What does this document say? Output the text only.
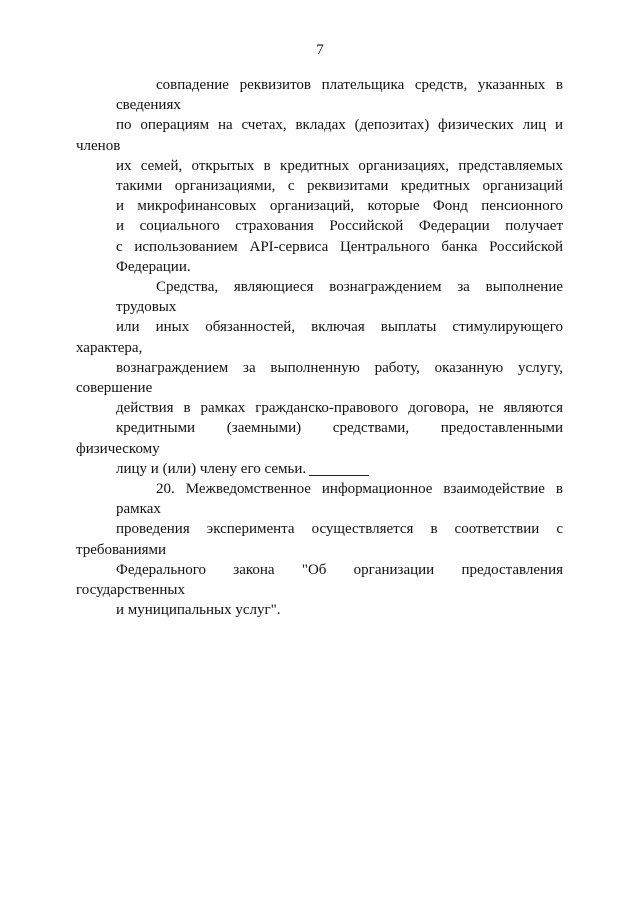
7
совпадение реквизитов плательщика средств, указанных в сведениях
по операциям на счетах, вкладах (депозитах) физических лиц и членов
их семей, открытых в кредитных организациях, представляемых
такими организациями, с реквизитами кредитных организаций
и микрофинансовых организаций, которые Фонд пенсионного
и социального страхования Российской Федерации получает
с использованием API-сервиса Центрального банка Российской
Федерации.
Средства, являющиеся вознаграждением за выполнение трудовых
или иных обязанностей, включая выплаты стимулирующего характера,
вознаграждением за выполненную работу, оказанную услугу, совершение
действия в рамках гражданско-правового договора, не являются
кредитными (заемными) средствами, предоставленными физическому
лицу и (или) члену его семьи.
20. Межведомственное информационное взаимодействие в рамках
проведения эксперимента осуществляется в соответствии с требованиями
Федерального закона "Об организации предоставления государственных
и муниципальных услуг".
